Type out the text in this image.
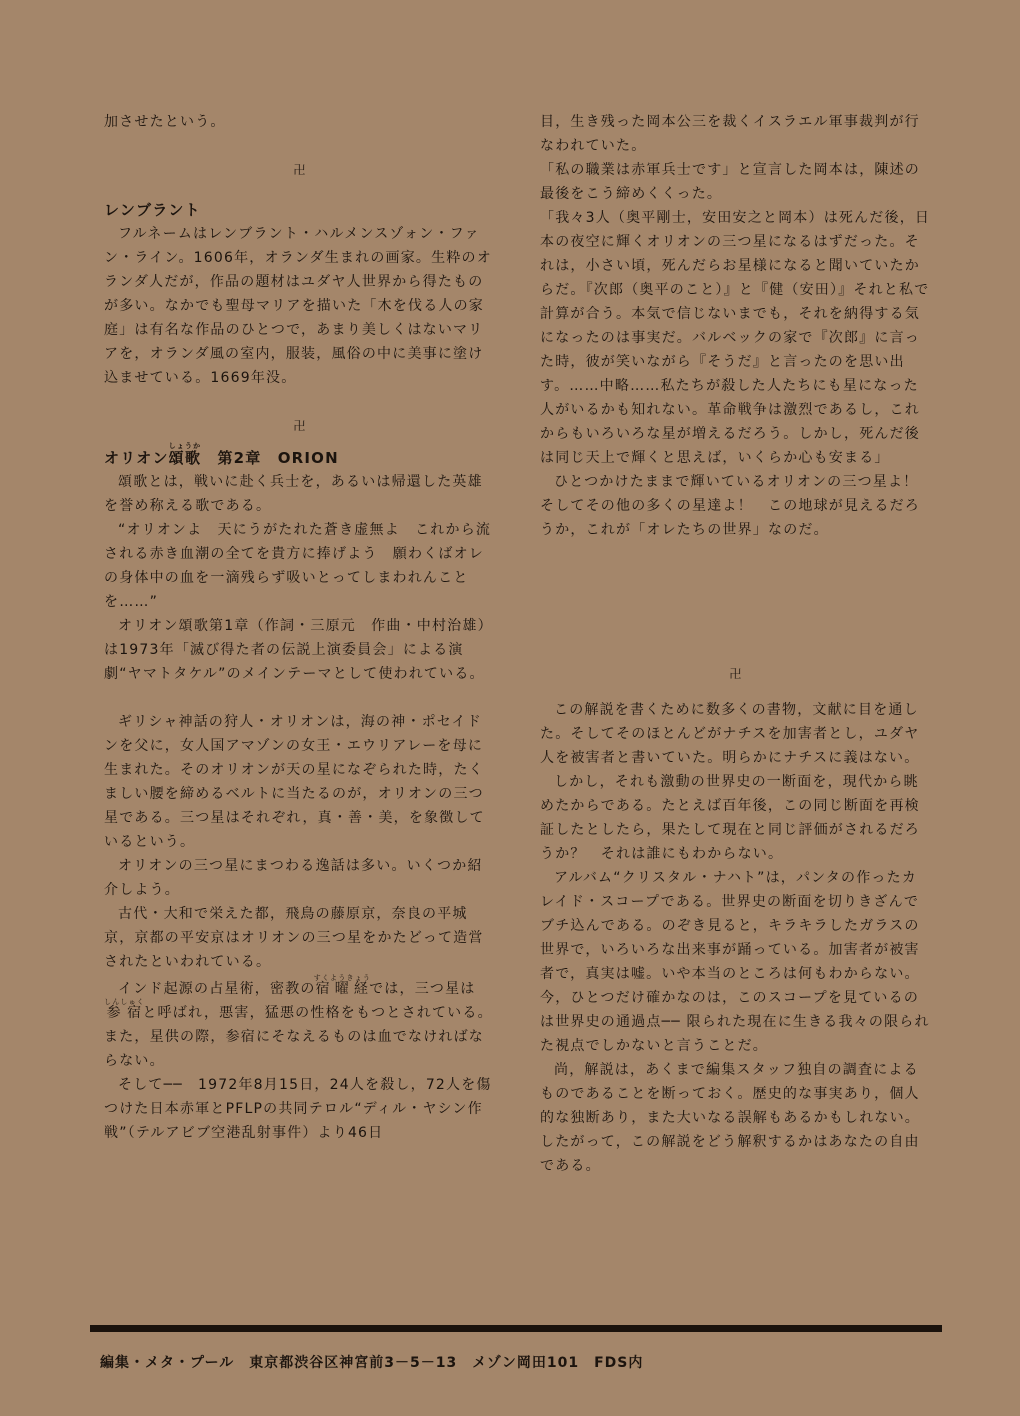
加させたという。

卍

レンブラント

フルネームはレンブラント・ハルメンスゾォン・ファン・ライン。1606年，オランダ生まれの画家。生粋のオランダ人だが，作品の題材はユダヤ人世界から得たものが多い。なかでも聖母マリアを描いた「木を伐る人の家庭」は有名な作品のひとつで，あまり美しくはないマリアを，オランダ風の室内，服装，風俗の中に美事に塗け込ませている。1669年没。

卍

オリオン頌歌しょうか　第2章　ORION

頌歌とは，戦いに赴く兵士を，あるいは帰還した英雄を誉め称える歌である。

“オリオンよ　天にうがたれた蒼き虚無よ　これから流される赤き血潮の全てを貴方に捧げよう　願わくばオレの身体中の血を一滴残らず吸いとってしまわれんことを……”

オリオン頌歌第1章（作詞・三原元　作曲・中村治雄）は1973年「滅び得た者の伝説上演委員会」による演劇“ヤマトタケル”のメインテーマとして使われている。

ギリシャ神話の狩人・オリオンは，海の神・ポセイドンを父に，女人国アマゾンの女王・エウリアレーを母に生まれた。そのオリオンが天の星になぞられた時，たくましい腰を締めるベルトに当たるのが，オリオンの三つ星である。三つ星はそれぞれ，真・善・美，を象徴しているという。

オリオンの三つ星にまつわる逸話は多い。いくつか紹介しよう。

古代・大和で栄えた都，飛鳥の藤原京，奈良の平城京，京都の平安京はオリオンの三つ星をかたどって造営されたといわれている。

インド起源の占星術，密教の宿曜経すくようきょうでは，三つ星は参宿しんしゅくと呼ばれ，悪害，猛悪の性格をもつとされている。また，星供の際，参宿にそなえるものは血でなければならない。

そして──　1972年8月15日，24人を殺し，72人を傷つけた日本赤軍とPFLPの共同テロル“ディル・ヤシン作戦”（テルアビブ空港乱射事件）より46日

目，生き残った岡本公三を裁くイスラエル軍事裁判が行なわれていた。

「私の職業は赤軍兵士です」と宣言した岡本は，陳述の最後をこう締めくくった。

「我々3人（奥平剛士，安田安之と岡本）は死んだ後，日本の夜空に輝くオリオンの三つ星になるはずだった。それは，小さい頃，死んだらお星様になると聞いていたからだ。『次郎（奥平のこと）』と『健（安田）』それと私で計算が合う。本気で信じないまでも，それを納得する気になったのは事実だ。バルベックの家で『次郎』に言った時，彼が笑いながら『そうだ』と言ったのを思い出す。……中略……私たちが殺した人たちにも星になった人がいるかも知れない。革命戦争は激烈であるし，これからもいろいろな星が増えるだろう。しかし，死んだ後は同じ天上で輝くと思えば，いくらか心も安まる」

ひとつかけたままで輝いているオリオンの三つ星よ！そしてその他の多くの星達よ！　この地球が見えるだろうか，これが「オレたちの世界」なのだ。

卍

この解説を書くために数多くの書物，文献に目を通した。そしてそのほとんどがナチスを加害者とし，ユダヤ人を被害者と書いていた。明らかにナチスに義はない。

しかし，それも激動の世界史の一断面を，現代から眺めたからである。たとえば百年後，この同じ断面を再検証したとしたら，果たして現在と同じ評価がされるだろうか？　それは誰にもわからない。

アルバム“クリスタル・ナハト”は，パンタの作ったカレイド・スコープである。世界史の断面を切りきざんでブチ込んである。のぞき見ると，キラキラしたガラスの世界で，いろいろな出来事が踊っている。加害者が被害者で，真実は嘘。いや本当のところは何もわからない。今，ひとつだけ確かなのは，このスコープを見ているのは世界史の通過点── 限られた現在に生きる我々の限られた視点でしかないと言うことだ。

尚，解説は，あくまで編集スタッフ独自の調査によるものであることを断っておく。歴史的な事実あり，個人的な独断あり，また大いなる誤解もあるかもしれない。したがって，この解説をどう解釈するかはあなたの自由である。

編集・メタ・プール　東京都渋谷区神宮前3－5－13　メゾン岡田101　FDS内
